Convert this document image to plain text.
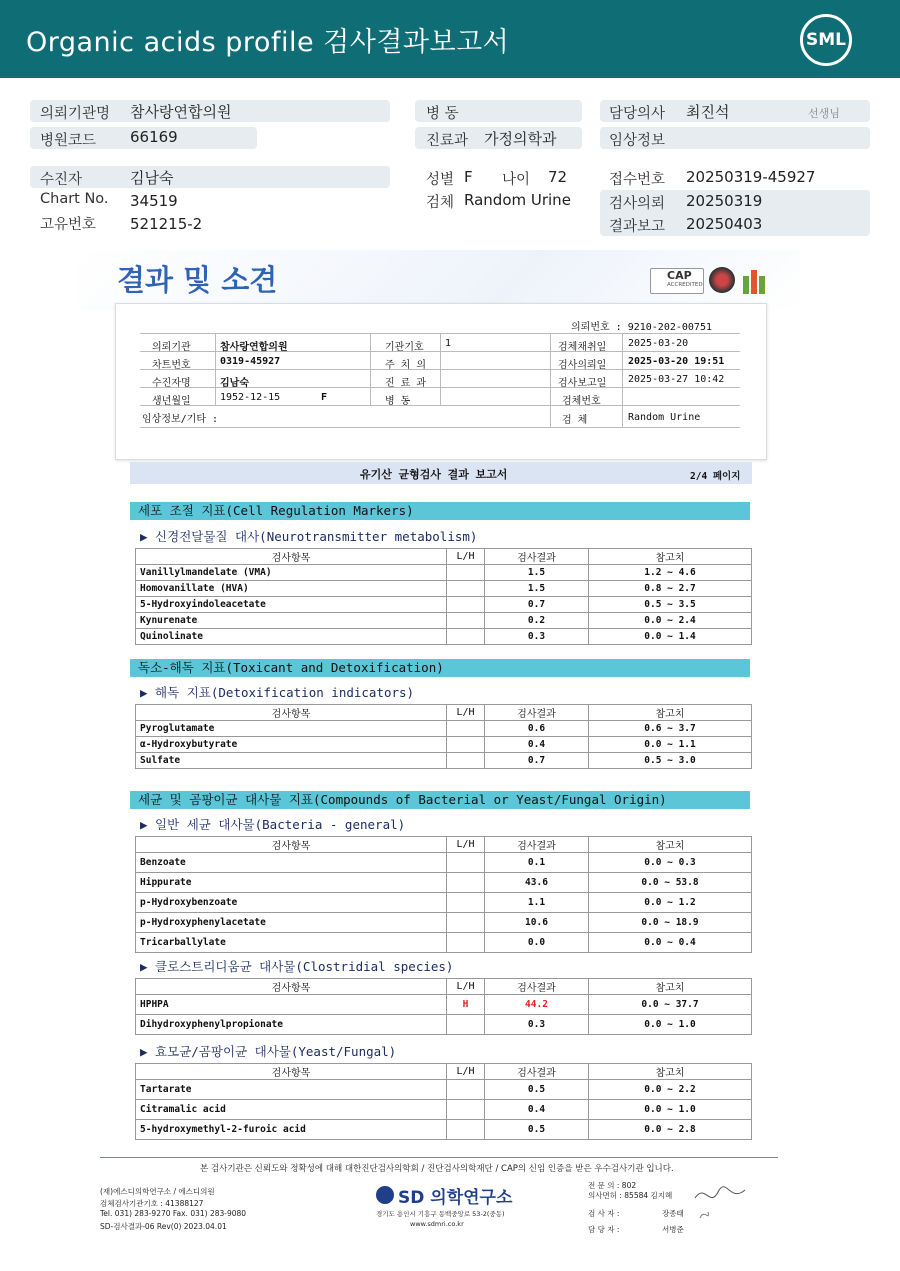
Organic acids profile 검사결과보고서	SML
의뢰기관명 참사랑연합의원
병원코드 66169
병 동
진료과 가정의학과
담당의사 최진석	선생님
임상정보
수진자	김남숙
Chart No. 34519
고유번호 521215-2
성별 F 나이 72
검체 Random Urine
접수번호 20250319-45927
검사의뢰 20250319
결과보고 20250403
결과 및 소견	CAP
ACCREDITED
의뢰번호 : 9210-202-00751
의뢰기관	참사랑연합의원	기관기호 1	검체채취일 2025-03-20
차트번호	0319-45927	주 치 의	검사의뢰일 2025-03-20 19:51
수진자명	김남숙	진 료 과	검사보고일 2025-03-27 10:42
생년월일	1952-12-15	F	병 동	검체번호
임상정보/기타 :	검 체	Random Urine
유기산 균형검사 결과 보고서	2/4 페이지
세포 조절 지표(Cell Regulation Markers)
▶ 신경전달물질 대사(Neurotransmitter metabolism)
검사항목	L/H	검사결과	참고치
Vanillylmandelate (VMA)		1.5	1.2 ~ 4.6
Homovanillate (HVA)		1.5	0.8 ~ 2.7
5-Hydroxyindoleacetate		0.7	0.5 ~ 3.5
Kynurenate		0.2	0.0 ~ 2.4
Quinolinate		0.3	0.0 ~ 1.4
독소-해독 지표(Toxicant and Detoxification)
▶ 해독 지표(Detoxification indicators)
검사항목	L/H	검사결과	참고치
Pyroglutamate		0.6	0.6 ~ 3.7
α-Hydroxybutyrate		0.4	0.0 ~ 1.1
Sulfate		0.7	0.5 ~ 3.0
세균 및 곰팡이균 대사물 지표(Compounds of Bacterial or Yeast/Fungal Origin)
▶ 일반 세균 대사물(Bacteria - general)
검사항목	L/H	검사결과	참고치
Benzoate		0.1	0.0 ~ 0.3
Hippurate		43.6	0.0 ~ 53.8
p-Hydroxybenzoate		1.1	0.0 ~ 1.2
p-Hydroxyphenylacetate		10.6	0.0 ~ 18.9
Tricarballylate		0.0	0.0 ~ 0.4
▶ 클로스트리디움균 대사물(Clostridial species)
검사항목	L/H	검사결과	참고치
HPHPA	H	44.2	0.0 ~ 37.7
Dihydroxyphenylpropionate		0.3	0.0 ~ 1.0
▶ 효모균/곰팡이균 대사물(Yeast/Fungal)
검사항목	L/H	검사결과	참고치
Tartarate		0.5	0.0 ~ 2.2
Citramalic acid		0.4	0.0 ~ 1.0
5-hydroxymethyl-2-furoic acid		0.5	0.0 ~ 2.8
본 검사기관은 신뢰도와 정확성에 대해 대한진단검사의학회 / 진단검사의학재단 / CAP의 신임 인증을 받은 우수검사기관 입니다.
(재)에스디의학연구소 / 에스디의원
검체검사기관기호 : 41388127
Tel. 031) 283-9270 Fax. 031) 283-9080
SD-검사결과-06 Rev(0) 2023.04.01
SD 의학연구소
경기도 용인시 기흥구 동백중앙로 53-2(중동)
www.sdmri.co.kr
전 문 의 : 802
의사면허 : 85584 김지혜
검 사 자 :	장종태
담 당 자 :	서병준
